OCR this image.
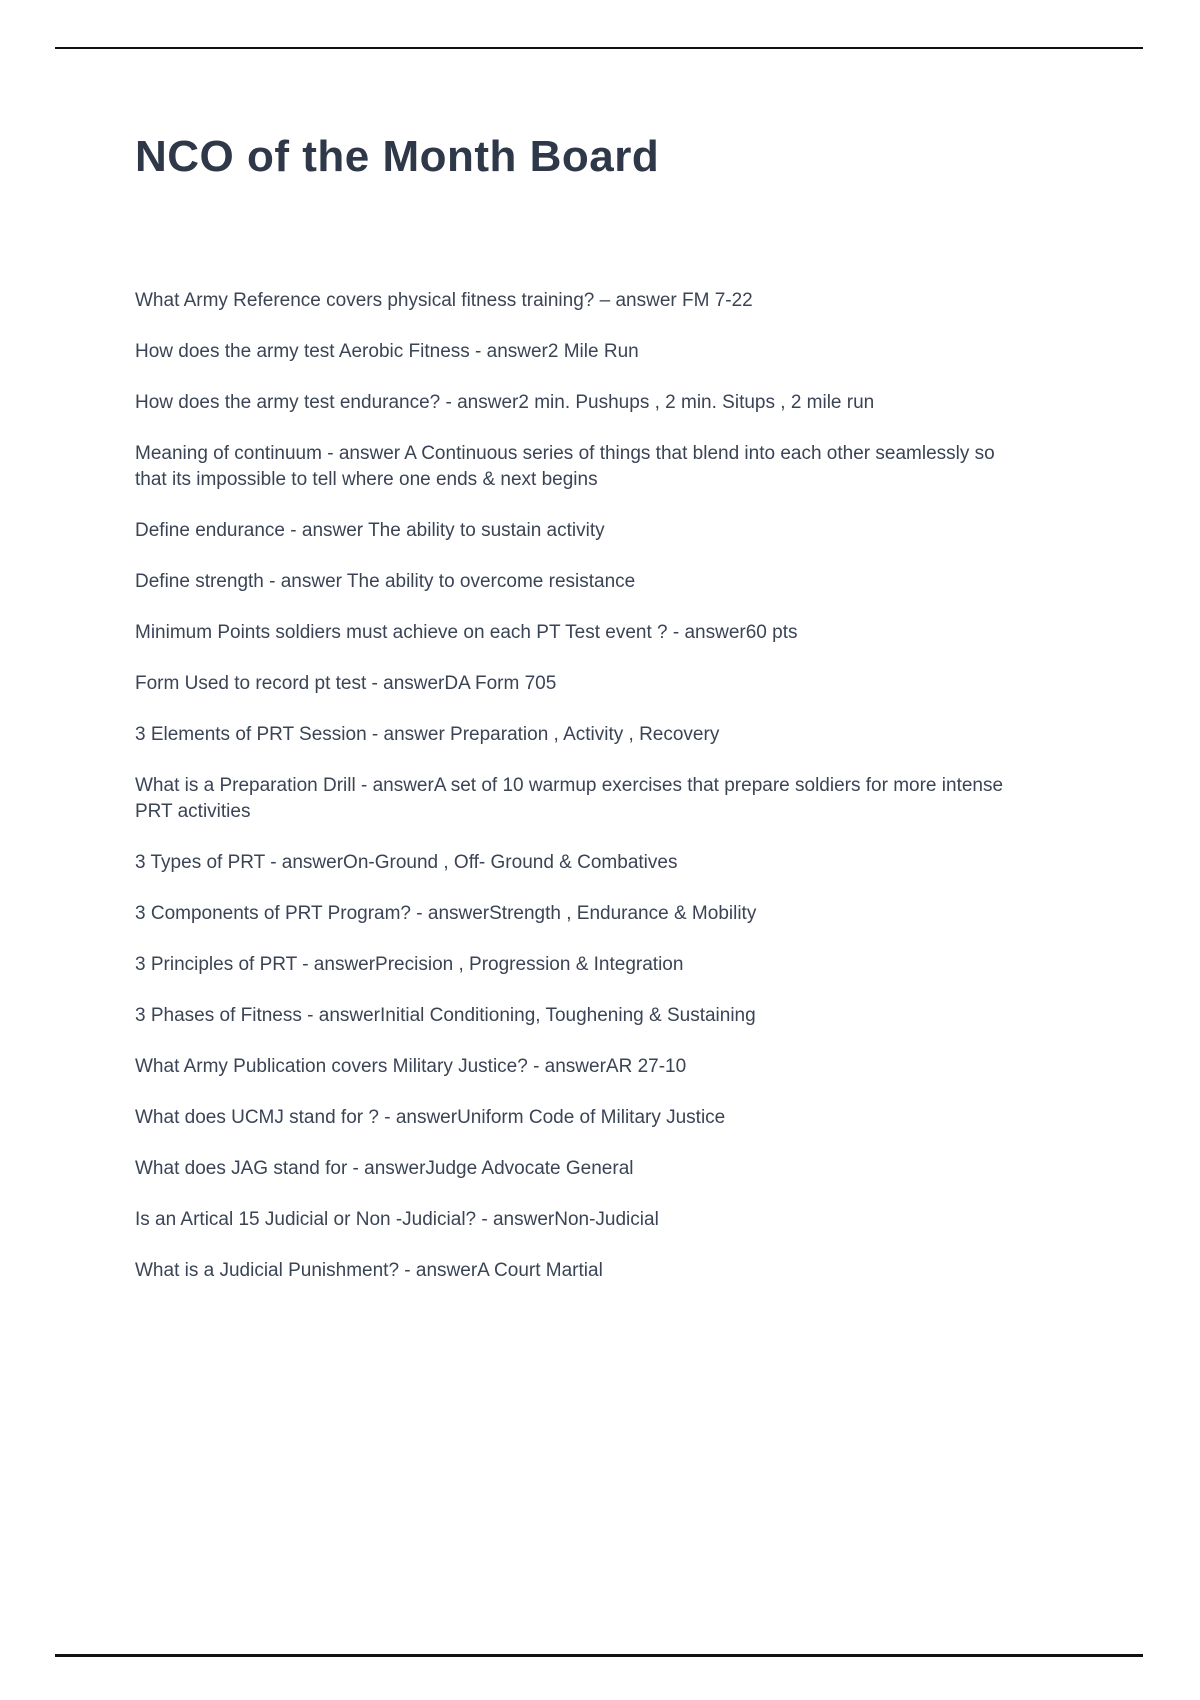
NCO of the Month Board

What Army Reference covers physical fitness training? – answer FM 7-22

How does the army test Aerobic Fitness - answer2 Mile Run

How does the army test endurance? - answer2 min. Pushups , 2 min. Situps , 2 mile run

Meaning of continuum - answer A Continuous series of things that blend into each other seamlessly so that its impossible to tell where one ends & next begins

Define endurance - answer The ability to sustain activity

Define strength - answer The ability to overcome resistance

Minimum Points soldiers must achieve on each PT Test event ? - answer60 pts

Form Used to record pt test - answerDA Form 705

3 Elements of PRT Session - answer Preparation , Activity , Recovery

What is a Preparation Drill - answerA set of 10 warmup exercises that prepare soldiers for more intense PRT activities

3 Types of PRT - answerOn-Ground , Off- Ground & Combatives

3 Components of PRT Program? - answerStrength , Endurance & Mobility

3 Principles of PRT - answerPrecision , Progression & Integration

3 Phases of Fitness - answerInitial Conditioning, Toughening & Sustaining

What Army Publication covers Military Justice? - answerAR 27-10

What does UCMJ stand for ? - answerUniform Code of Military Justice

What does JAG stand for - answerJudge Advocate General

Is an Artical 15 Judicial or Non -Judicial? - answerNon-Judicial

What is a Judicial Punishment? - answerA Court Martial
